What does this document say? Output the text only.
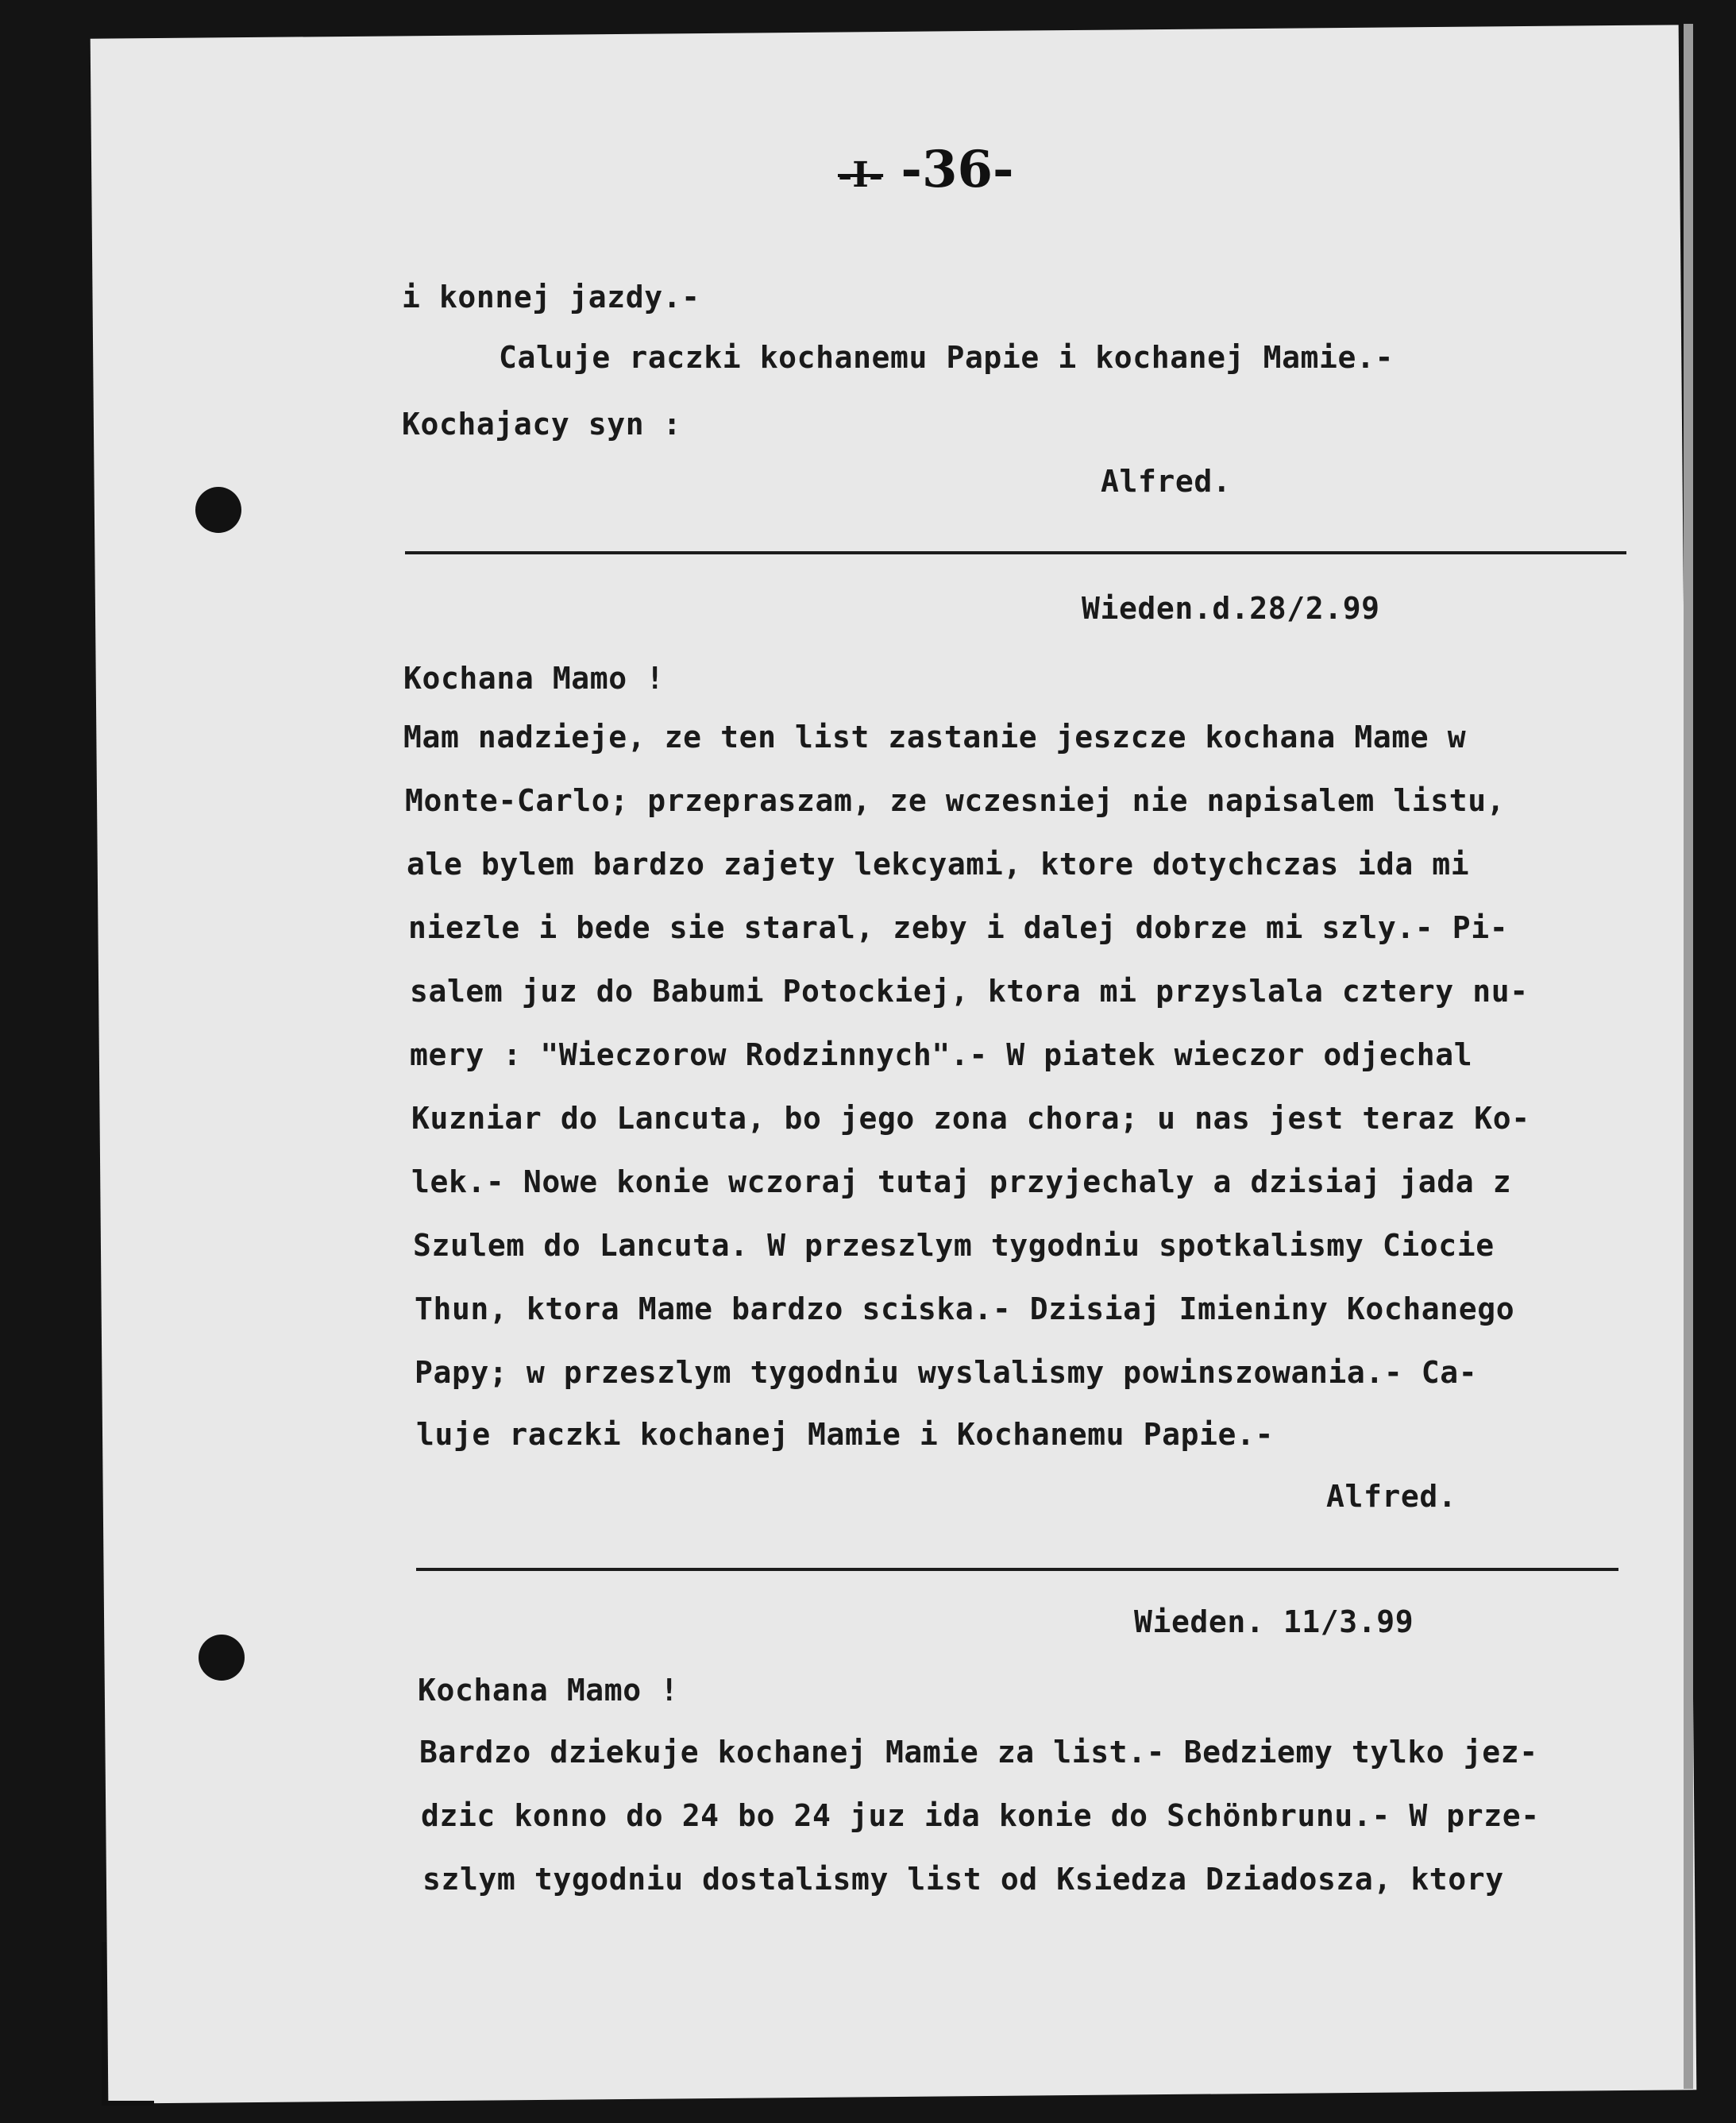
-I- -36-
i konnej jazdy.-
Caluje raczki kochanemu Papie i kochanej Mamie.-
Kochajacy syn :
Alfred.
Wieden.d.28/2.99
Kochana Mamo !
Mam nadzieje, ze ten list zastanie jeszcze kochana Mame w
Monte-Carlo; przepraszam, ze wczesniej nie napisalem listu,
ale bylem bardzo zajety lekcyami, ktore dotychczas ida mi
niezle i bede sie staral, zeby i dalej dobrze mi szly.- Pi-
salem juz do Babumi Potockiej, ktora mi przyslala cztery nu-
mery : "Wieczorow Rodzinnych".- W piatek wieczor odjechal
Kuzniar do Lancuta, bo jego zona chora; u nas jest teraz Ko-
lek.- Nowe konie wczoraj tutaj przyjechaly a dzisiaj jada z
Szulem do Lancuta. W przeszlym tygodniu spotkalismy Ciocie
Thun, ktora Mame bardzo sciska.- Dzisiaj Imieniny Kochanego
Papy; w przeszlym tygodniu wyslalismy powinszowania.- Ca-
luje raczki kochanej Mamie i Kochanemu Papie.-
Alfred.
Wieden. 11/3.99
Kochana Mamo !
Bardzo dziekuje kochanej Mamie za list.- Bedziemy tylko jez-
dzic konno do 24 bo 24 juz ida konie do Schönbrunu.- W prze-
szlym tygodniu dostalismy list od Ksiedza Dziadosza, ktory
